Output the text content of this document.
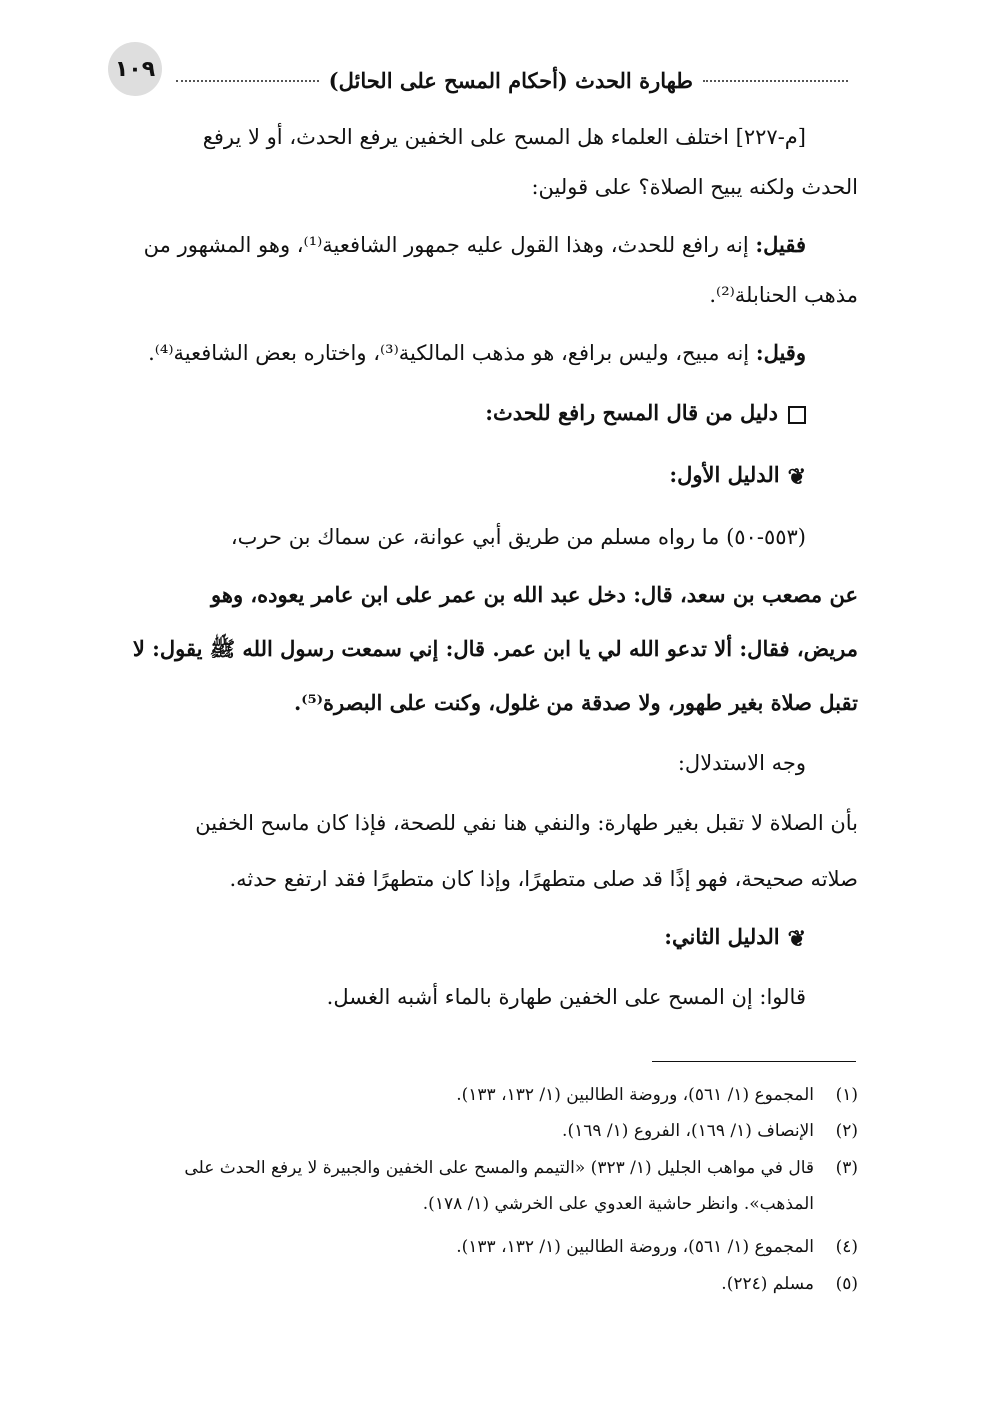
١٠٩	طهارة الحدث (أحكام المسح على الحائل)
[م-٢٢٧] اختلف العلماء هل المسح على الخفين يرفع الحدث، أو لا يرفع
الحدث ولكنه يبيح الصلاة؟ على قولين:
فقيل: إنه رافع للحدث، وهذا القول عليه جمهور الشافعية⁽¹⁾، وهو المشهور من
مذهب الحنابلة⁽²⁾.
وقيل: إنه مبيح، وليس برافع، هو مذهب المالكية⁽³⁾، واختاره بعض الشافعية⁽⁴⁾.
دليل من قال المسح رافع للحدث:
❦الدليل الأول:
(٥٥٣-٥٠) ما رواه مسلم من طريق أبي عوانة، عن سماك بن حرب،
عن مصعب بن سعد، قال: دخل عبد الله بن عمر على ابن عامر يعوده، وهو
مريض، فقال: ألا تدعو الله لي يا ابن عمر. قال: إني سمعت رسول الله ﷺ يقول: لا
تقبل صلاة بغير طهور، ولا صدقة من غلول، وكنت على البصرة⁽⁵⁾.
وجه الاستدلال:
بأن الصلاة لا تقبل بغير طهارة: والنفي هنا نفي للصحة، فإذا كان ماسح الخفين
صلاته صحيحة، فهو إذًا قد صلى متطهرًا، وإذا كان متطهرًا فقد ارتفع حدثه.
❦الدليل الثاني:
قالوا: إن المسح على الخفين طهارة بالماء أشبه الغسل.
(١)المجموع (١/ ٥٦١)، وروضة الطالبين (١/ ١٣٢، ١٣٣).
(٢)الإنصاف (١/ ١٦٩)، الفروع (١/ ١٦٩).
(٣)قال في مواهب الجليل (١/ ٣٢٣) «التيمم والمسح على الخفين والجبيرة لا يرفع الحدث على
المذهب». وانظر حاشية العدوي على الخرشي (١/ ١٧٨).
(٤)المجموع (١/ ٥٦١)، وروضة الطالبين (١/ ١٣٢، ١٣٣).
(٥)مسلم (٢٢٤).
